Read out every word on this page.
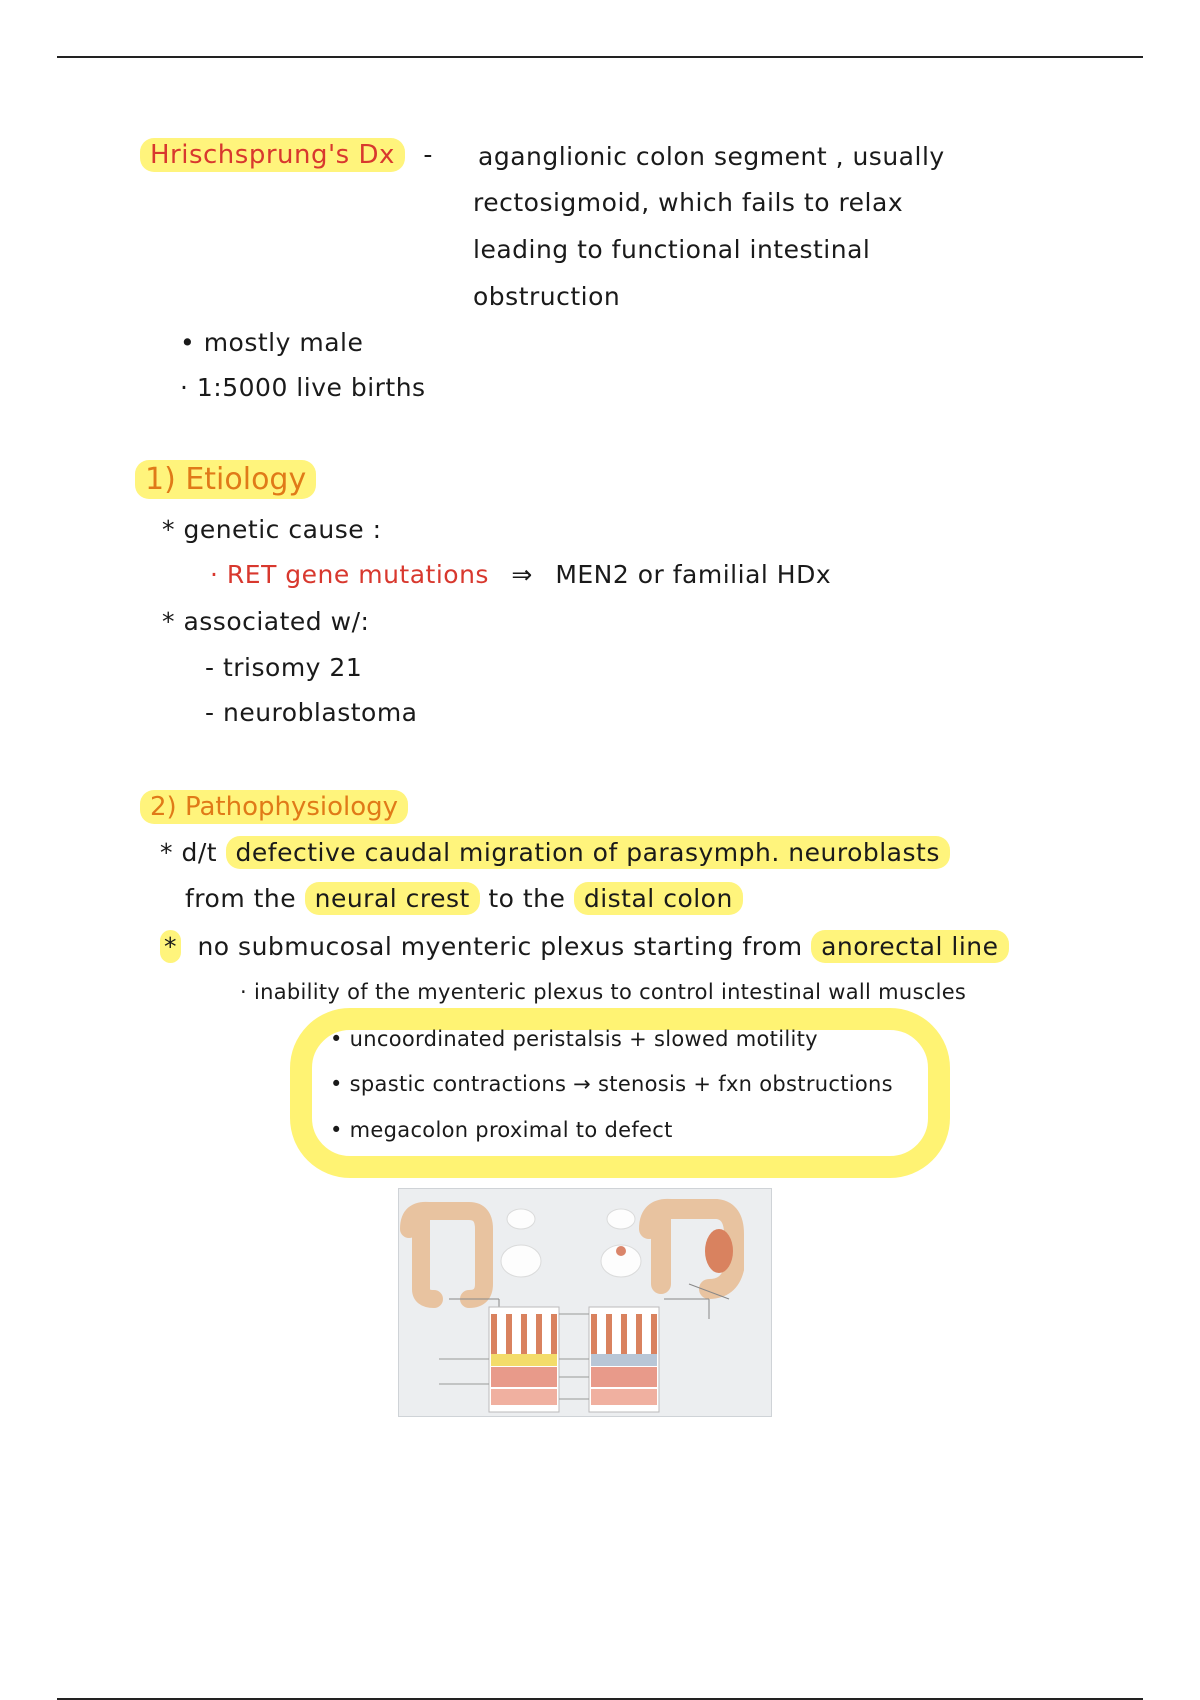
Hrischsprung's Dx - aganglionic colon segment , usually
rectosigmoid, which fails to relax
leading to functional intestinal
obstruction
• mostly male
· 1:5000 live births
1) Etiology
* genetic cause :
· RET gene mutations ⇒ MEN2 or familial HDx
* associated w/:
- trisomy 21
- neuroblastoma
2) Pathophysiology
* d/t defective caudal migration of parasymph. neuroblasts
from the neural crest to the distal colon
* no submucosal myenteric plexus starting from anorectal line
· inability of the myenteric plexus to control intestinal wall muscles
• uncoordinated peristalsis + slowed motility
• spastic contractions → stenosis + fxn obstructions
• megacolon proximal to defect
